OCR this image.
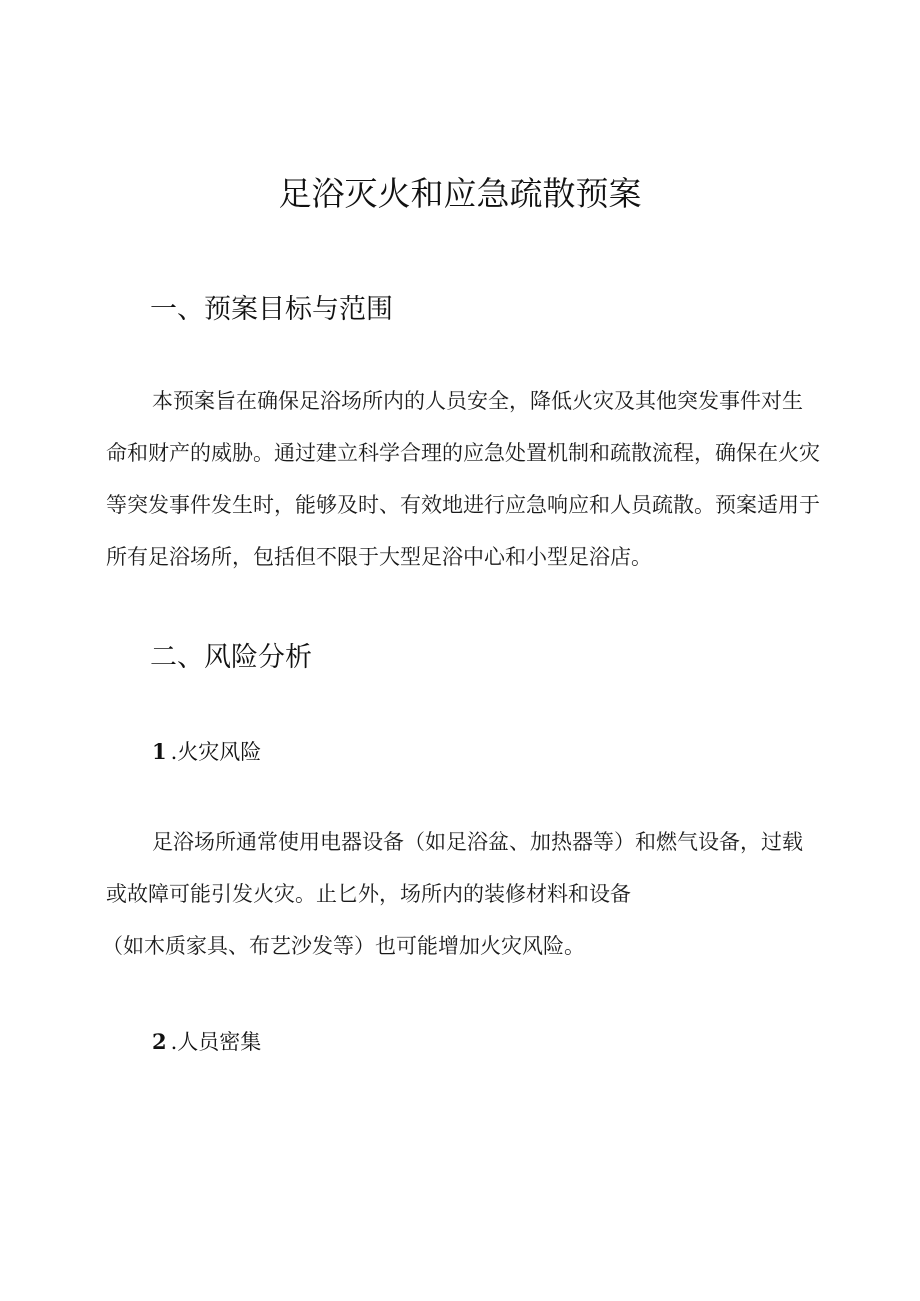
足浴灭火和应急疏散预案
一、预案目标与范围

本预案旨在确保足浴场所内的人员安全，降低火灾及其他突发事件对生命和财产的威胁。通过建立科学合理的应急处置机制和疏散流程，确保在火灾等突发事件发生时，能够及时、有效地进行应急响应和人员疏散。预案适用于所有足浴场所，包括但不限于大型足浴中心和小型足浴店。

二、风险分析
1 .火灾风险
足浴场所通常使用电器设备（如足浴盆、加热器等）和燃气设备，过载
或故障可能引发火灾。止匕外，场所内的装修材料和设备
（如木质家具、布艺沙发等）也可能增加火灾风险。
2 .人员密集
